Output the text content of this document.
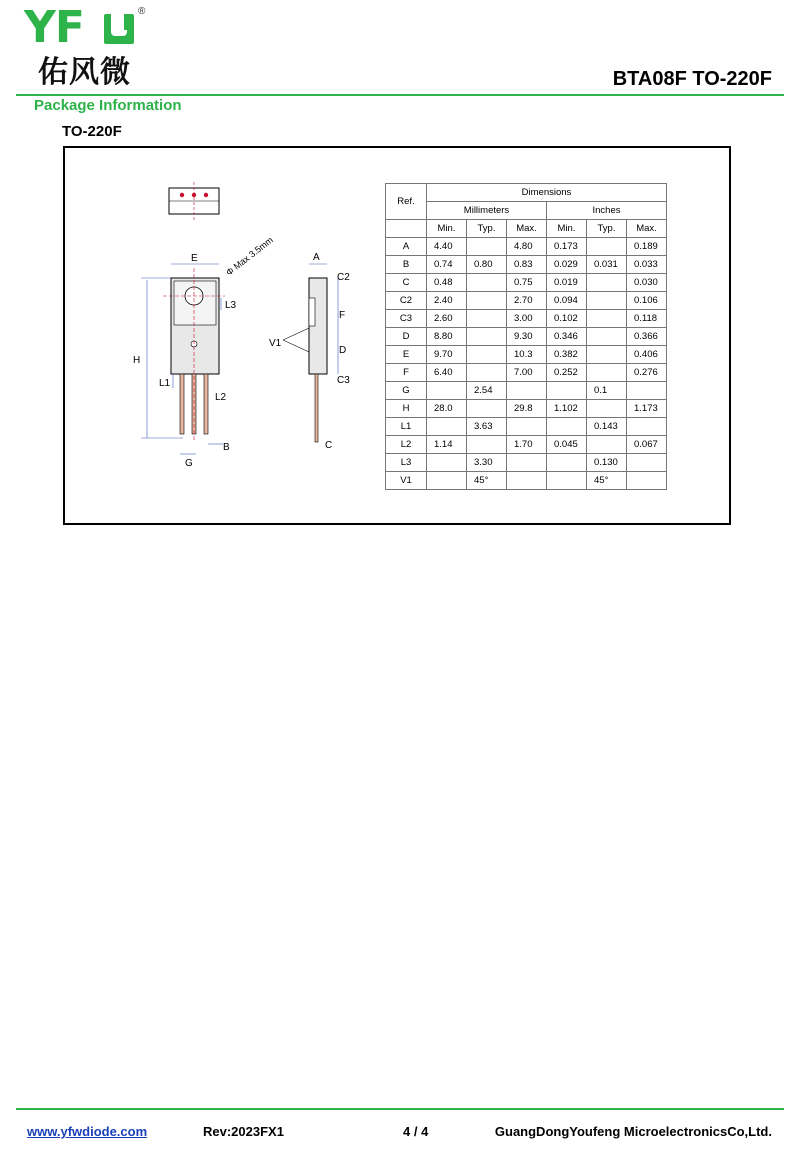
YF	®
佑风微	BTA08F TO-220F
Package Information
TO-220F
E
H
L1
L2
L3
G
B
A
C2
F
D
C3
C
V1
Φ Max 3.5mm
Ref.	Dimensions					
	Millimeters			Inches		
	Min.	Typ.	Max.	Min.	Typ.	Max.
A	4.40		4.80	0.173		0.189
B	0.74	0.80	0.83	0.029	0.031	0.033
C	0.48		0.75	0.019		0.030
C2	2.40		2.70	0.094		0.106
C3	2.60		3.00	0.102		0.118
D	8.80		9.30	0.346		0.366
E	9.70		10.3	0.382		0.406
F	6.40		7.00	0.252		0.276
G		2.54			0.1	
H	28.0		29.8	1.102		1.173
L1		3.63			0.143	
L2	1.14		1.70	0.045		0.067
L3		3.30			0.130	
V1		45°			45°	
www.yfwdiode.com	Rev:2023FX1	4 / 4	GuangDongYoufeng MicroelectronicsCo,Ltd.
